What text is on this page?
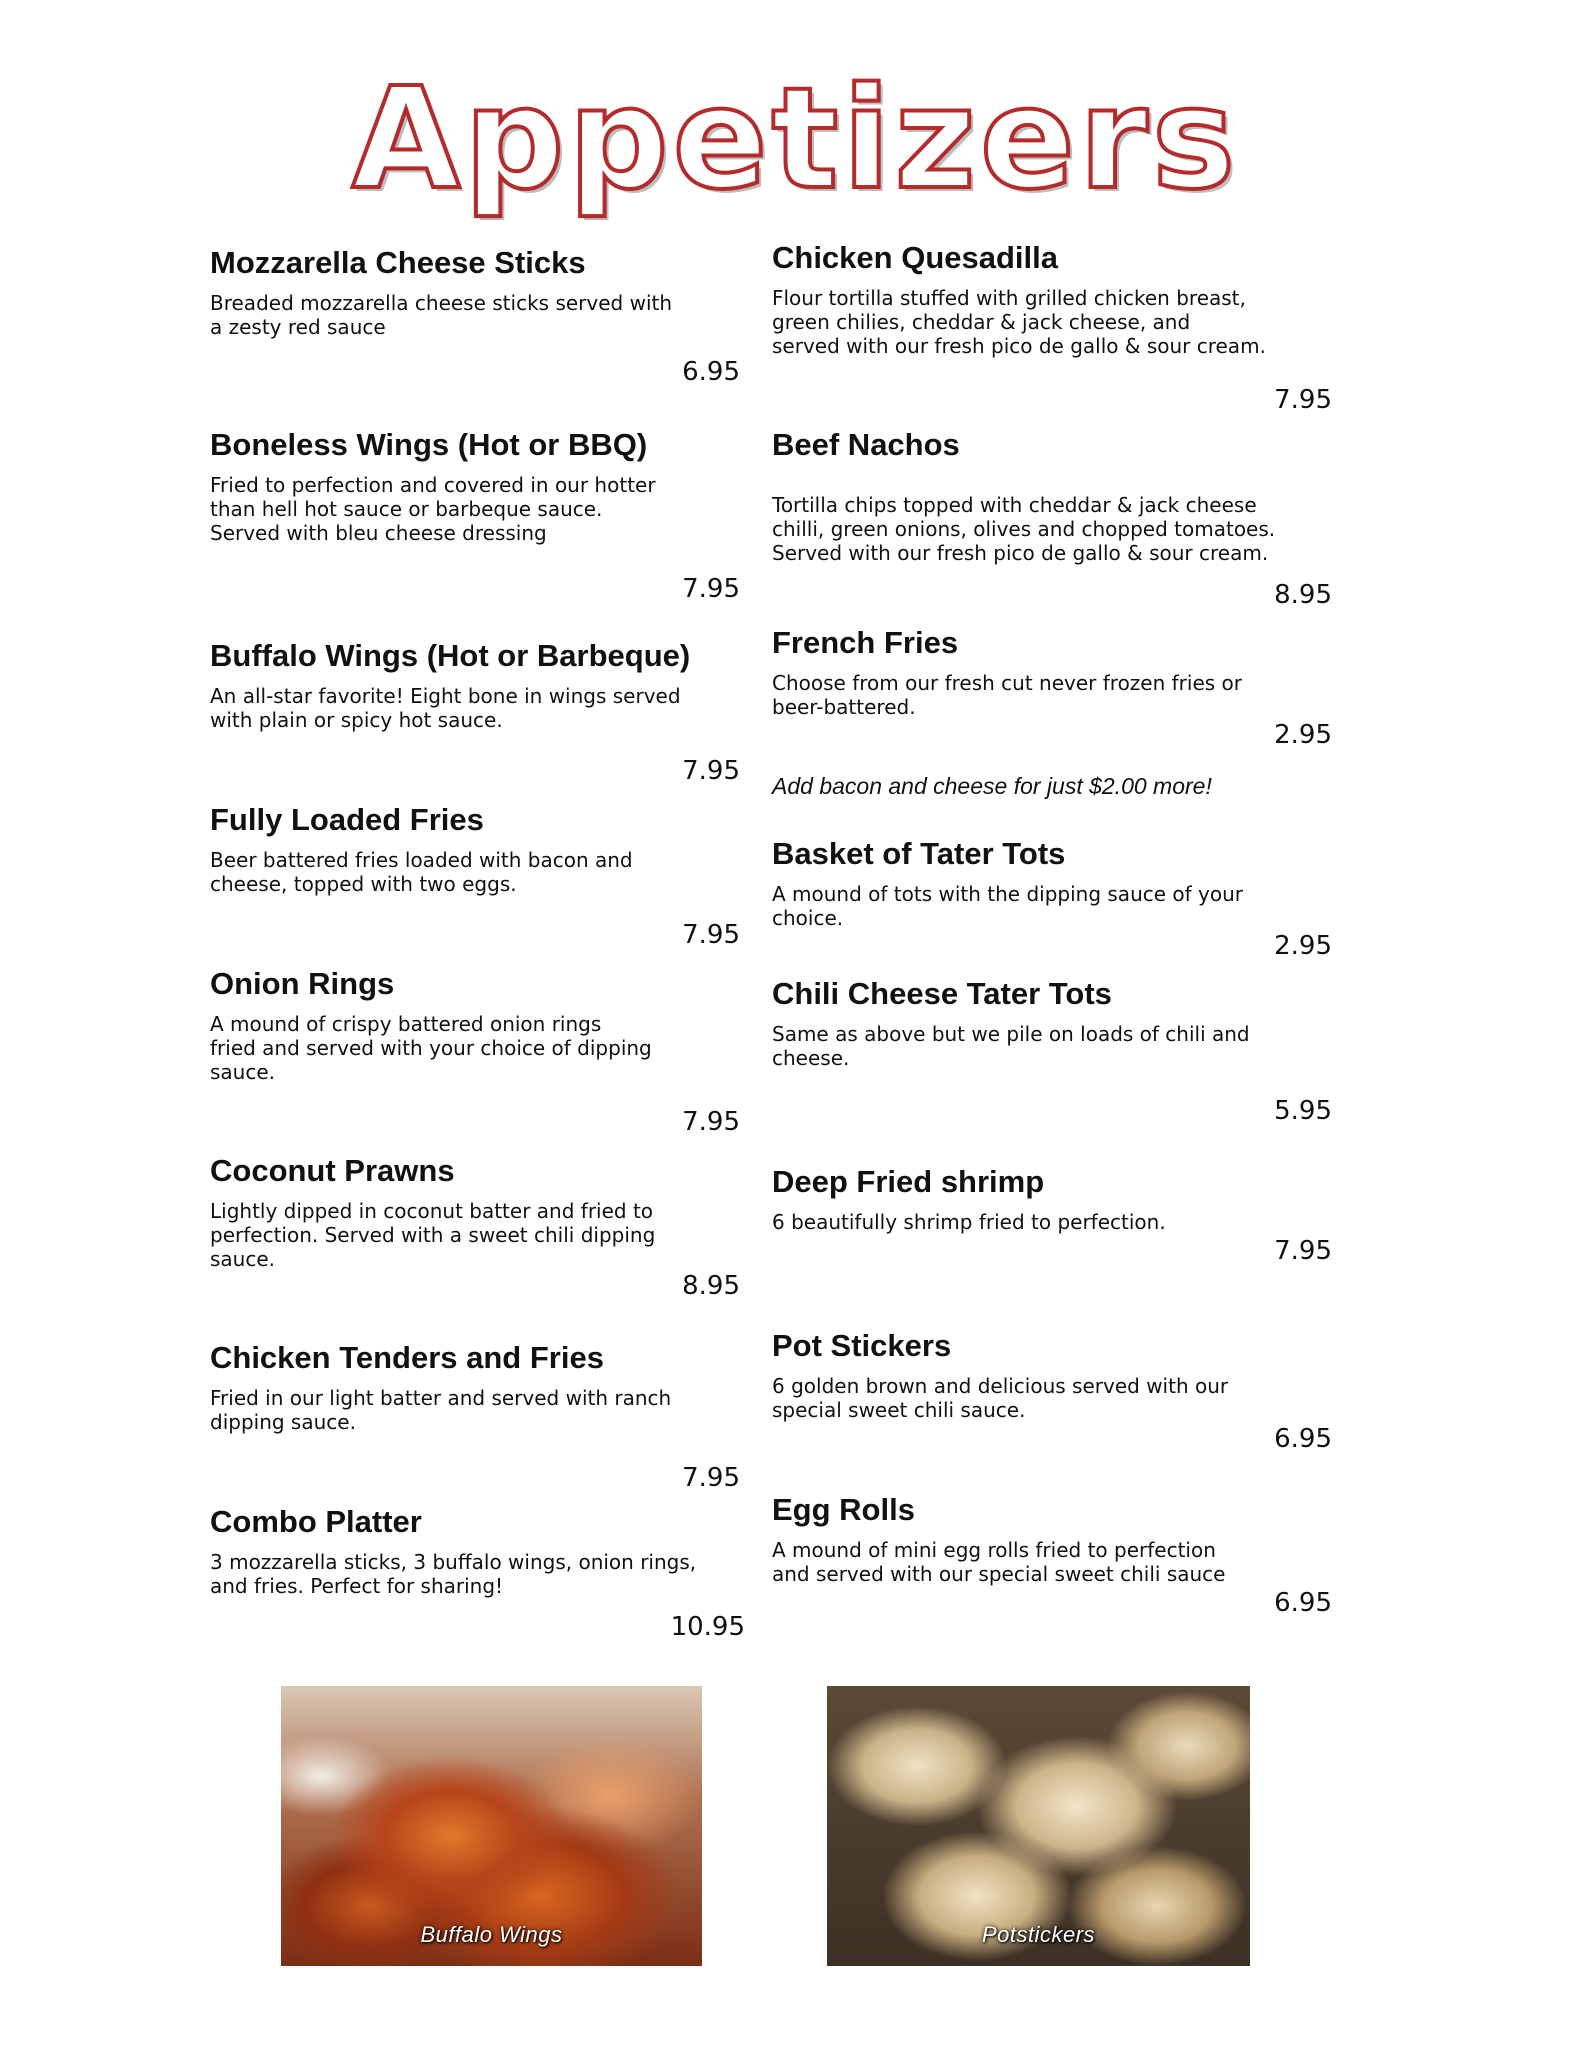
Appetizers
Mozzarella Cheese Sticks
Breaded mozzarella cheese sticks served with
a zesty red sauce
6.95
Boneless Wings (Hot or BBQ)
Fried to perfection and covered in our hotter
than hell hot sauce or barbeque sauce.
Served with bleu cheese dressing
7.95
Buffalo Wings (Hot or Barbeque)
An all-star favorite! Eight bone in wings served
with plain or spicy hot sauce.
7.95
Fully Loaded Fries
Beer battered fries loaded with bacon and
cheese, topped with two eggs.
7.95
Onion Rings
A mound of crispy battered onion rings
fried and served with your choice of dipping
sauce.
7.95
Coconut Prawns
Lightly dipped in coconut batter and fried to
perfection. Served with a sweet chili dipping
sauce.
8.95
Chicken Tenders and Fries
Fried in our light batter and served with ranch
dipping sauce.
7.95
Combo Platter
3 mozzarella sticks, 3 buffalo wings, onion rings,
and fries. Perfect for sharing!
10.95
Chicken Quesadilla
Flour tortilla stuffed with grilled chicken breast,
green chilies, cheddar & jack cheese, and
served with our fresh pico de gallo & sour cream.
7.95
Beef Nachos
Tortilla chips topped with cheddar & jack cheese
chilli, green onions, olives and chopped tomatoes.
Served with our fresh pico de gallo & sour cream.
8.95
French Fries
Choose from our fresh cut never frozen fries or
beer-battered.
2.95
Add bacon and cheese for just $2.00 more!
Basket of Tater Tots
A mound of tots with the dipping sauce of your
choice.
2.95
Chili Cheese Tater Tots
Same as above but we pile on loads of chili and
cheese.
5.95
Deep Fried shrimp
6 beautifully shrimp fried to perfection.
7.95
Pot Stickers
6 golden brown and delicious served with our
special sweet chili sauce.
6.95
Egg Rolls
A mound of mini egg rolls fried to perfection
and served with our special sweet chili sauce
6.95
Buffalo Wings	Potstickers
